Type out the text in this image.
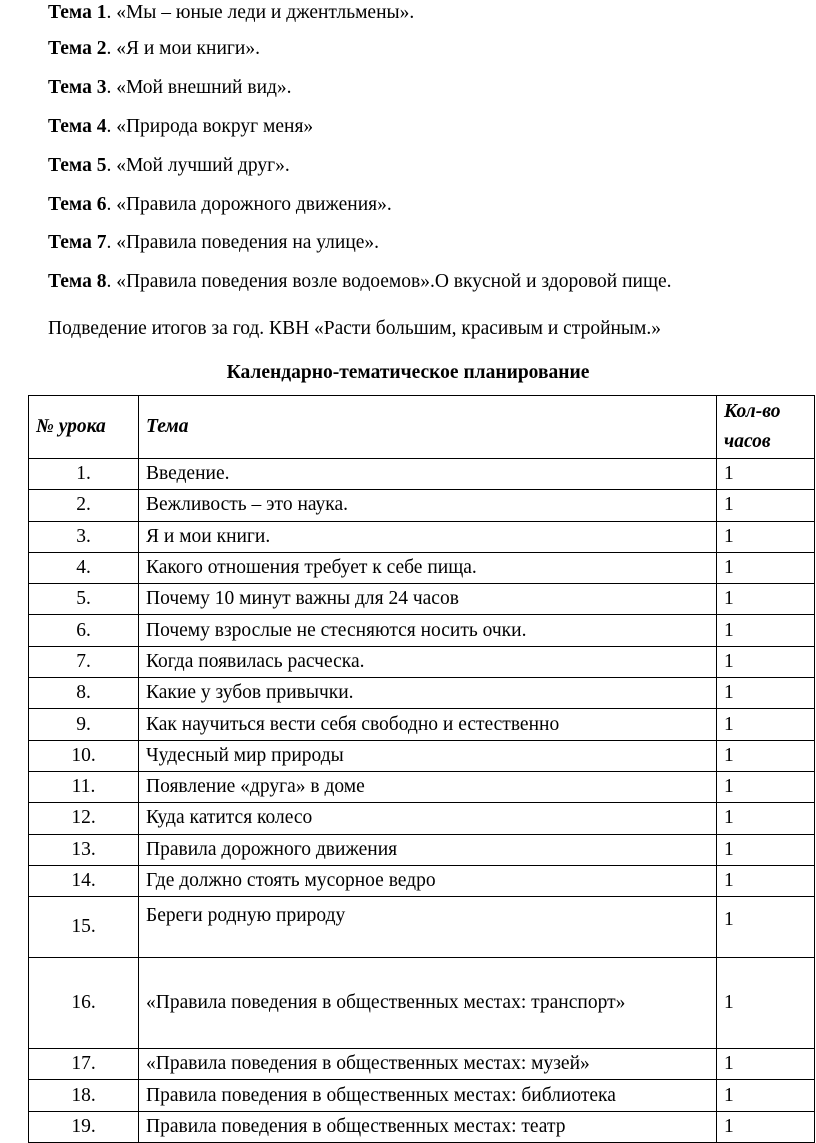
Тема 1. «Мы – юные леди и джентльмены».
Тема 2. «Я и мои книги».
Тема 3. «Мой внешний вид».
Тема 4. «Природа вокруг меня»
Тема 5. «Мой лучший друг».
Тема 6. «Правила дорожного движения».
Тема 7. «Правила поведения на улице».
Тема 8. «Правила поведения возле водоемов».О вкусной и здоровой пище.
Подведение итогов за год. КВН «Расти большим, красивым и стройным.»
Календарно-тематическое планирование
№ урока	Тема	Кол-во
часов
1.	Введение.	1
2.	Вежливость – это наука.	1
3.	Я и мои книги.	1
4.	Какого отношения требует к себе пища.	1
5.	Почему 10 минут важны для 24 часов	1
6.	Почему взрослые не стесняются носить очки.	1
7.	Когда появилась расческа.	1
8.	Какие у зубов привычки.	1
9.	Как научиться вести себя свободно и естественно	1
10.	Чудесный мир природы	1
11.	Появление «друга» в доме	1
12.	Куда катится колесо	1
13.	Правила дорожного движения	1
14.	Где должно стоять мусорное ведро	1
15.	Береги родную природу	1
16.	«Правила поведения в общественных местах: транспорт»	1
17.	«Правила поведения в общественных местах: музей»	1
18.	Правила поведения в общественных местах: библиотека	1
19.	Правила поведения в общественных местах: театр	1
